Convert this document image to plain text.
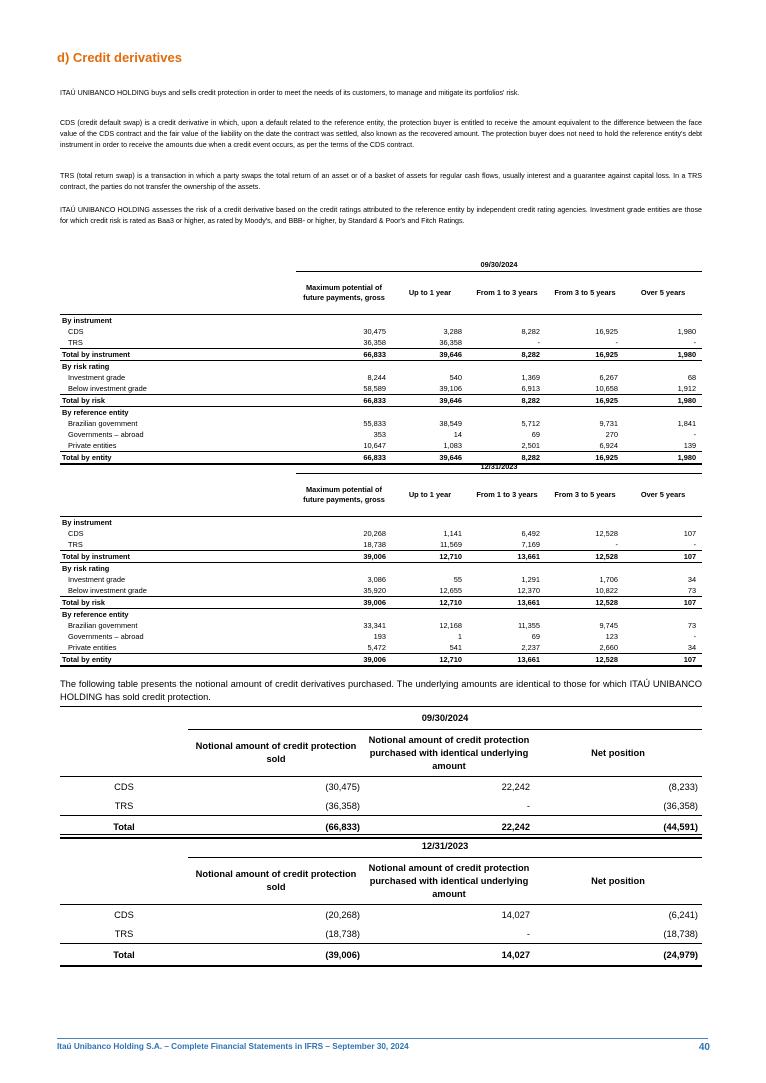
d) Credit derivatives

ITAÚ UNIBANCO HOLDING buys and sells credit protection in order to meet the needs of its customers, to manage and mitigate its portfolios' risk.

CDS (credit default swap) is a credit derivative in which, upon a default related to the reference entity, the protection buyer is entitled to receive the amount equivalent to the difference between the face value of the CDS contract and the fair value of the liability on the date the contract was settled, also known as the recovered amount. The protection buyer does not need to hold the reference entity's debt instrument in order to receive the amounts due when a credit event occurs, as per the terms of the CDS contract.

TRS (total return swap) is a transaction in which a party swaps the total return of an asset or of a basket of assets for regular cash flows, usually interest and a guarantee against capital loss. In a TRS contract, the parties do not transfer the ownership of the assets.

ITAÚ UNIBANCO HOLDING assesses the risk of a credit derivative based on the credit ratings attributed to the reference entity by independent credit rating agencies. Investment grade entities are those for which credit risk is rated as Baa3 or higher, as rated by Moody's, and BBB- or higher, by Standard & Poor's and Fitch Ratings.

	09/30/2024				
	Maximum potential of future payments, gross	Up to 1 year	From 1 to 3 years	From 3 to 5 years	Over 5 years

By instrument					
CDS	30,475	3,288	8,282	16,925	1,980
TRS	36,358	36,358	-	-	-
Total by instrument	66,833	39,646	8,282	16,925	1,980
By risk rating					
Investment grade	8,244	540	1,369	6,267	68
Below investment grade	58,589	39,106	6,913	10,658	1,912
Total by risk	66,833	39,646	8,282	16,925	1,980
By reference entity					
Brazilian government	55,833	38,549	5,712	9,731	1,841
Governments – abroad	353	14	69	270	-
Private entities	10,647	1,083	2,501	6,924	139
Total by entity	66,833	39,646	8,282	16,925	1,980
	12/31/2023				
	Maximum potential of future payments, gross	Up to 1 year	From 1 to 3 years	From 3 to 5 years	Over 5 years

By instrument					
CDS	20,268	1,141	6,492	12,528	107
TRS	18,738	11,569	7,169	-	-
Total by instrument	39,006	12,710	13,661	12,528	107
By risk rating					
Investment grade	3,086	55	1,291	1,706	34
Below investment grade	35,920	12,655	12,370	10,822	73
Total by risk	39,006	12,710	13,661	12,528	107
By reference entity					
Brazilian government	33,341	12,168	11,355	9,745	73
Governments – abroad	193	1	69	123	-
Private entities	5,472	541	2,237	2,660	34
Total by entity	39,006	12,710	13,661	12,528	107

The following table presents the notional amount of credit derivatives purchased. The underlying amounts are identical to those for which ITAÚ UNIBANCO HOLDING has sold credit protection.

	09/30/2024		
	Notional amount of credit protection sold	Notional amount of credit protection purchased with identical underlying amount	Net position
CDS	(30,475)	22,242	(8,233)
TRS	(36,358)	-	(36,358)
Total	(66,833)	22,242	(44,591)
	12/31/2023		
	Notional amount of credit protection sold	Notional amount of credit protection purchased with identical underlying amount	Net position
CDS	(20,268)	14,027	(6,241)
TRS	(18,738)	-	(18,738)
Total	(39,006)	14,027	(24,979)
Itaú Unibanco Holding S.A. – Complete Financial Statements in IFRS – September 30, 2024	40
